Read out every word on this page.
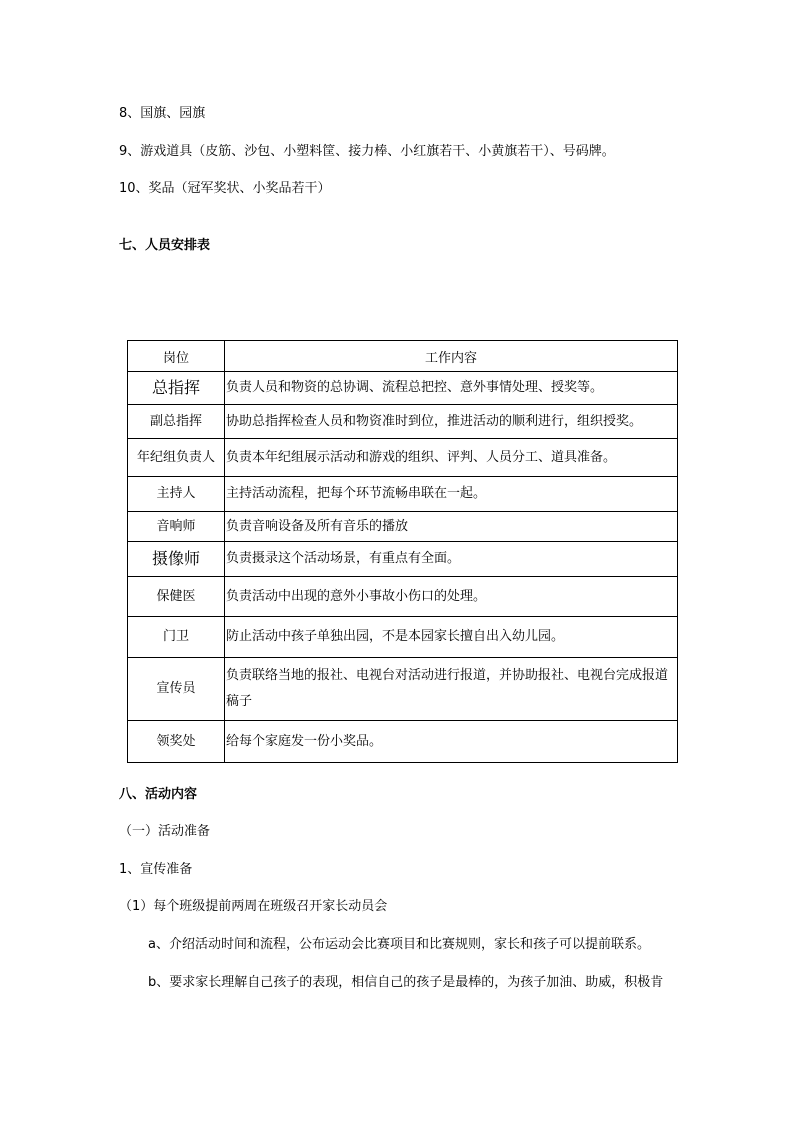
8、国旗、园旗
9、游戏道具（皮筋、沙包、小塑料筐、接力棒、小红旗若干、小黄旗若干）、号码牌。
10、奖品（冠军奖状、小奖品若干）
七、人员安排表
岗位	工作内容
总指挥	负责人员和物资的总协调、流程总把控、意外事情处理、授奖等。
副总指挥	协助总指挥检查人员和物资准时到位，推进活动的顺利进行，组织授奖。
年纪组负责人	负责本年纪组展示活动和游戏的组织、评判、人员分工、道具准备。
主持人	主持活动流程，把每个环节流畅串联在一起。
音响师	负责音响设备及所有音乐的播放
摄像师	负责摄录这个活动场景，有重点有全面。
保健医	负责活动中出现的意外小事故小伤口的处理。
门卫	防止活动中孩子单独出园，不是本园家长擅自出入幼儿园。
宣传员	负责联络当地的报社、电视台对活动进行报道，并协助报社、电视台完成报道
稿子

领奖处	给每个家庭发一份小奖品。
八、活动内容
（一）活动准备
1、宣传准备
（1）每个班级提前两周在班级召开家长动员会
a、介绍活动时间和流程，公布运动会比赛项目和比赛规则，家长和孩子可以提前联系。
b、要求家长理解自己孩子的表现，相信自己的孩子是最棒的，为孩子加油、助威，积极肯
